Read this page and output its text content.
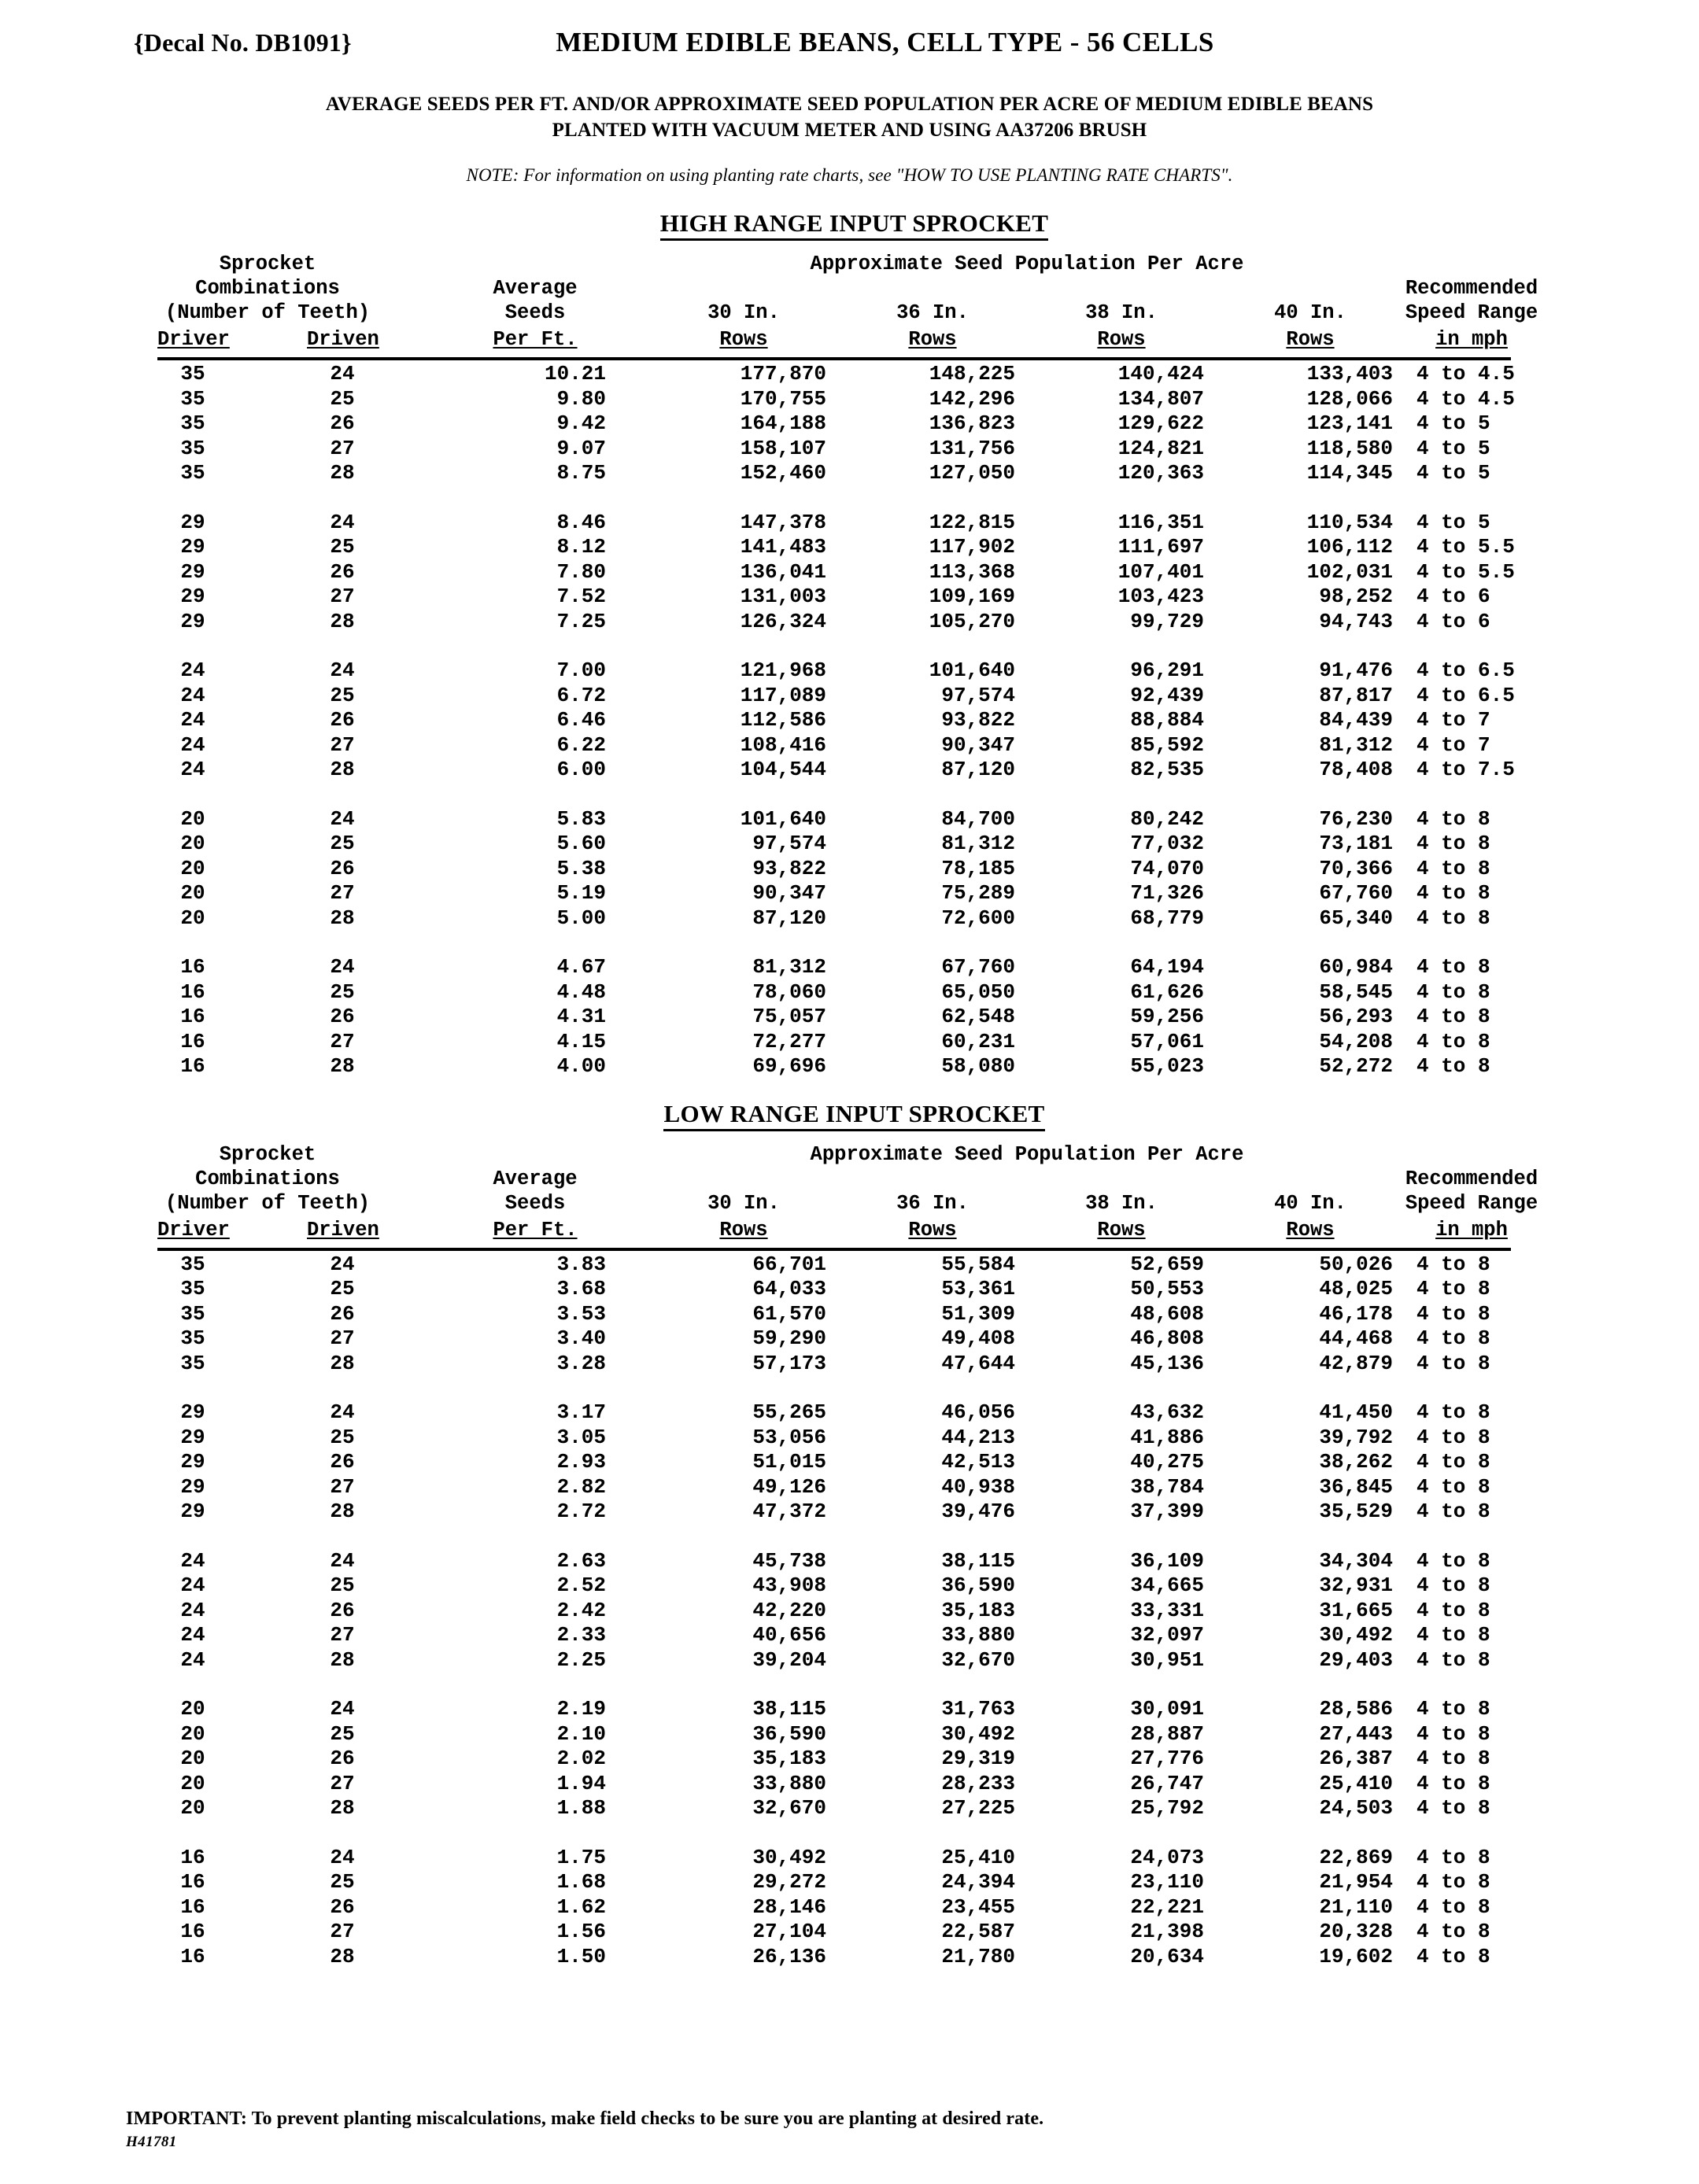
{Decal No. DB1091}	MEDIUM EDIBLE BEANS, CELL TYPE - 56 CELLS
AVERAGE SEEDS PER FT. AND/OR APPROXIMATE SEED POPULATION PER ACRE OF MEDIUM EDIBLE BEANS
PLANTED WITH VACUUM METER AND USING AA37206 BRUSH
NOTE: For information on using planting rate charts, see "HOW TO USE PLANTING RATE CHARTS".
HIGH RANGE INPUT SPROCKET
Sprocket
Combinations
(Number of Teeth)
Driver	Driven
Average
Seeds
Per Ft.
Approximate Seed Population Per Acre
30 In.
Rows
36 In.
Rows
38 In.
Rows
40 In.
Rows
Recommended
Speed Range
in mph
35	24	10.21	177,870	148,225	140,424	133,403 4 to 4.5
35	25	9.80	170,755	142,296	134,807	128,066 4 to 4.5
35	26	9.42	164,188	136,823	129,622	123,141 4 to 5
35	27	9.07	158,107	131,756	124,821	118,580 4 to 5
35	28	8.75	152,460	127,050	120,363	114,345 4 to 5
29	24	8.46	147,378	122,815	116,351	110,534 4 to 5
29	25	8.12	141,483	117,902	111,697	106,112 4 to 5.5
29	26	7.80	136,041	113,368	107,401	102,031 4 to 5.5
29	27	7.52	131,003	109,169	103,423	98,252 4 to 6
29	28	7.25	126,324	105,270	99,729	94,743 4 to 6
24	24	7.00	121,968	101,640	96,291	91,476 4 to 6.5
24	25	6.72	117,089	97,574	92,439	87,817 4 to 6.5
24	26	6.46	112,586	93,822	88,884	84,439 4 to 7
24	27	6.22	108,416	90,347	85,592	81,312 4 to 7
24	28	6.00	104,544	87,120	82,535	78,408 4 to 7.5
20	24	5.83	101,640	84,700	80,242	76,230 4 to 8
20	25	5.60	97,574	81,312	77,032	73,181 4 to 8
20	26	5.38	93,822	78,185	74,070	70,366 4 to 8
20	27	5.19	90,347	75,289	71,326	67,760 4 to 8
20	28	5.00	87,120	72,600	68,779	65,340 4 to 8
16	24	4.67	81,312	67,760	64,194	60,984 4 to 8
16	25	4.48	78,060	65,050	61,626	58,545 4 to 8
16	26	4.31	75,057	62,548	59,256	56,293 4 to 8
16	27	4.15	72,277	60,231	57,061	54,208 4 to 8
16	28	4.00	69,696	58,080	55,023	52,272 4 to 8
LOW RANGE INPUT SPROCKET
Sprocket
Combinations
(Number of Teeth)
Driver	Driven
Average
Seeds
Per Ft.
Approximate Seed Population Per Acre
30 In.
Rows
36 In.
Rows
38 In.
Rows
40 In.
Rows
Recommended
Speed Range
in mph
35	24	3.83	66,701	55,584	52,659	50,026 4 to 8
35	25	3.68	64,033	53,361	50,553	48,025 4 to 8
35	26	3.53	61,570	51,309	48,608	46,178 4 to 8
35	27	3.40	59,290	49,408	46,808	44,468 4 to 8
35	28	3.28	57,173	47,644	45,136	42,879 4 to 8
29	24	3.17	55,265	46,056	43,632	41,450 4 to 8
29	25	3.05	53,056	44,213	41,886	39,792 4 to 8
29	26	2.93	51,015	42,513	40,275	38,262 4 to 8
29	27	2.82	49,126	40,938	38,784	36,845 4 to 8
29	28	2.72	47,372	39,476	37,399	35,529 4 to 8
24	24	2.63	45,738	38,115	36,109	34,304 4 to 8
24	25	2.52	43,908	36,590	34,665	32,931 4 to 8
24	26	2.42	42,220	35,183	33,331	31,665 4 to 8
24	27	2.33	40,656	33,880	32,097	30,492 4 to 8
24	28	2.25	39,204	32,670	30,951	29,403 4 to 8
20	24	2.19	38,115	31,763	30,091	28,586 4 to 8
20	25	2.10	36,590	30,492	28,887	27,443 4 to 8
20	26	2.02	35,183	29,319	27,776	26,387 4 to 8
20	27	1.94	33,880	28,233	26,747	25,410 4 to 8
20	28	1.88	32,670	27,225	25,792	24,503 4 to 8
16	24	1.75	30,492	25,410	24,073	22,869 4 to 8
16	25	1.68	29,272	24,394	23,110	21,954 4 to 8
16	26	1.62	28,146	23,455	22,221	21,110 4 to 8
16	27	1.56	27,104	22,587	21,398	20,328 4 to 8
16	28	1.50	26,136	21,780	20,634	19,602 4 to 8
IMPORTANT: To prevent planting miscalculations, make field checks to be sure you are planting at desired rate.
H41781
